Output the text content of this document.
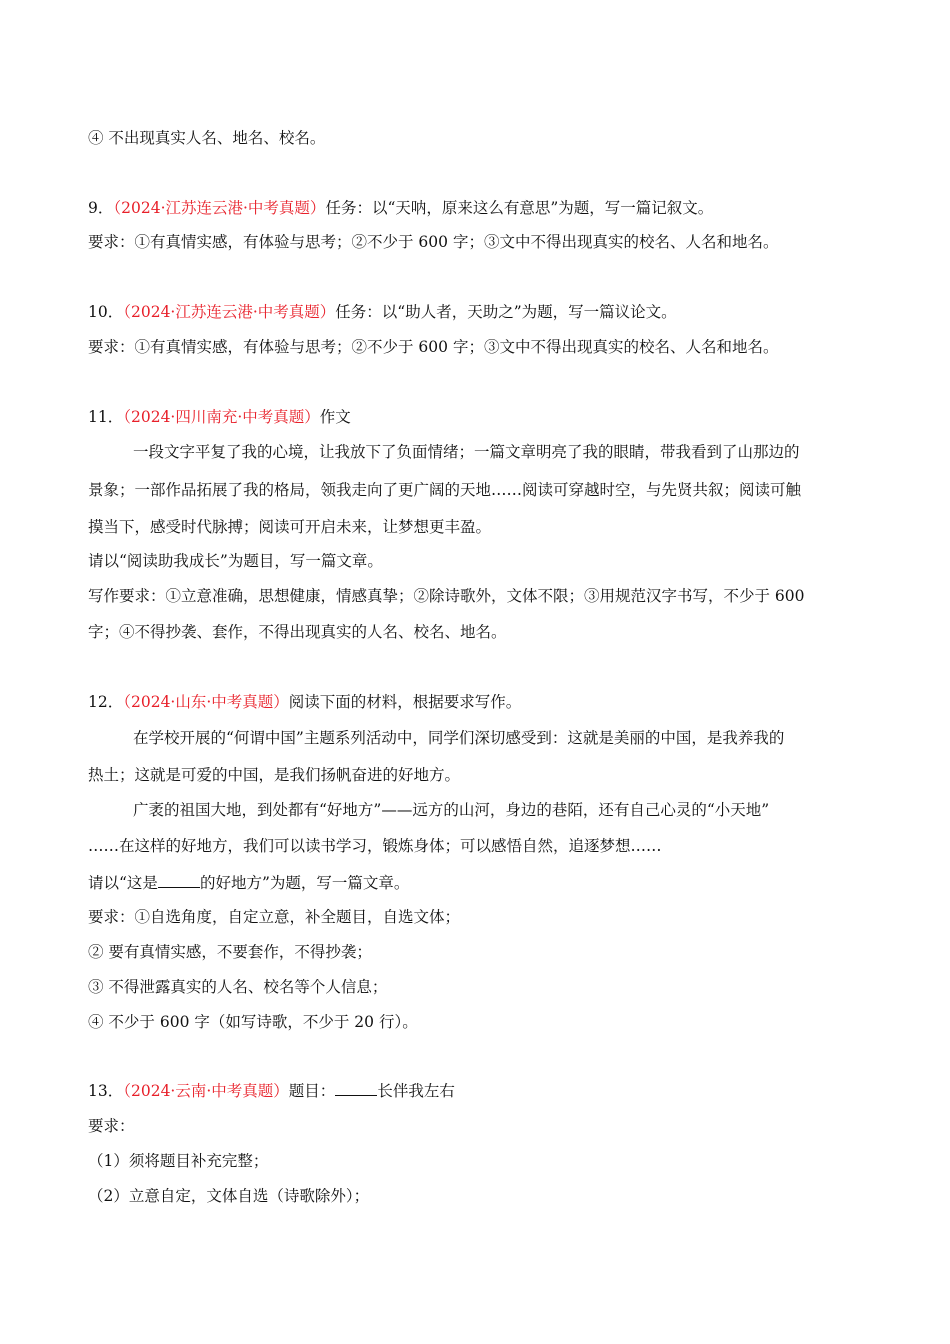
④ 不出现真实人名、地名、校名。
9．（2024·江苏连云港·中考真题）任务：以“天呐，原来这么有意思”为题，写一篇记叙文。
要求：①有真情实感，有体验与思考；②不少于 600 字；③文中不得出现真实的校名、人名和地名。
10．（2024·江苏连云港·中考真题）任务：以“助人者，天助之”为题，写一篇议论文。
要求：①有真情实感，有体验与思考；②不少于 600 字；③文中不得出现真实的校名、人名和地名。
11．（2024·四川南充·中考真题）作文
一段文字平复了我的心境，让我放下了负面情绪；一篇文章明亮了我的眼睛，带我看到了山那边的
景象；一部作品拓展了我的格局，领我走向了更广阔的天地……阅读可穿越时空，与先贤共叙；阅读可触
摸当下，感受时代脉搏；阅读可开启未来，让梦想更丰盈。
请以“阅读助我成长”为题目，写一篇文章。
写作要求：①立意准确，思想健康，情感真挚；②除诗歌外，文体不限；③用规范汉字书写，不少于 600
字；④不得抄袭、套作，不得出现真实的人名、校名、地名。
12．（2024·山东·中考真题）阅读下面的材料，根据要求写作。
在学校开展的“何谓中国”主题系列活动中，同学们深切感受到：这就是美丽的中国，是我养我的
热土；这就是可爱的中国，是我们扬帆奋进的好地方。
广袤的祖国大地，到处都有“好地方”——远方的山河，身边的巷陌，还有自己心灵的“小天地”
……在这样的好地方，我们可以读书学习，锻炼身体；可以感悟自然，追逐梦想……
请以“这是	的好地方”为题，写一篇文章。
要求：①自选角度，自定立意，补全题目，自选文体；
② 要有真情实感，不要套作，不得抄袭；
③ 不得泄露真实的人名、校名等个人信息；
④ 不少于 600 字（如写诗歌，不少于 20 行）。
13．（2024·云南·中考真题）题目：	长伴我左右
要求：
（1）须将题目补充完整；
（2）立意自定，文体自选（诗歌除外）；
